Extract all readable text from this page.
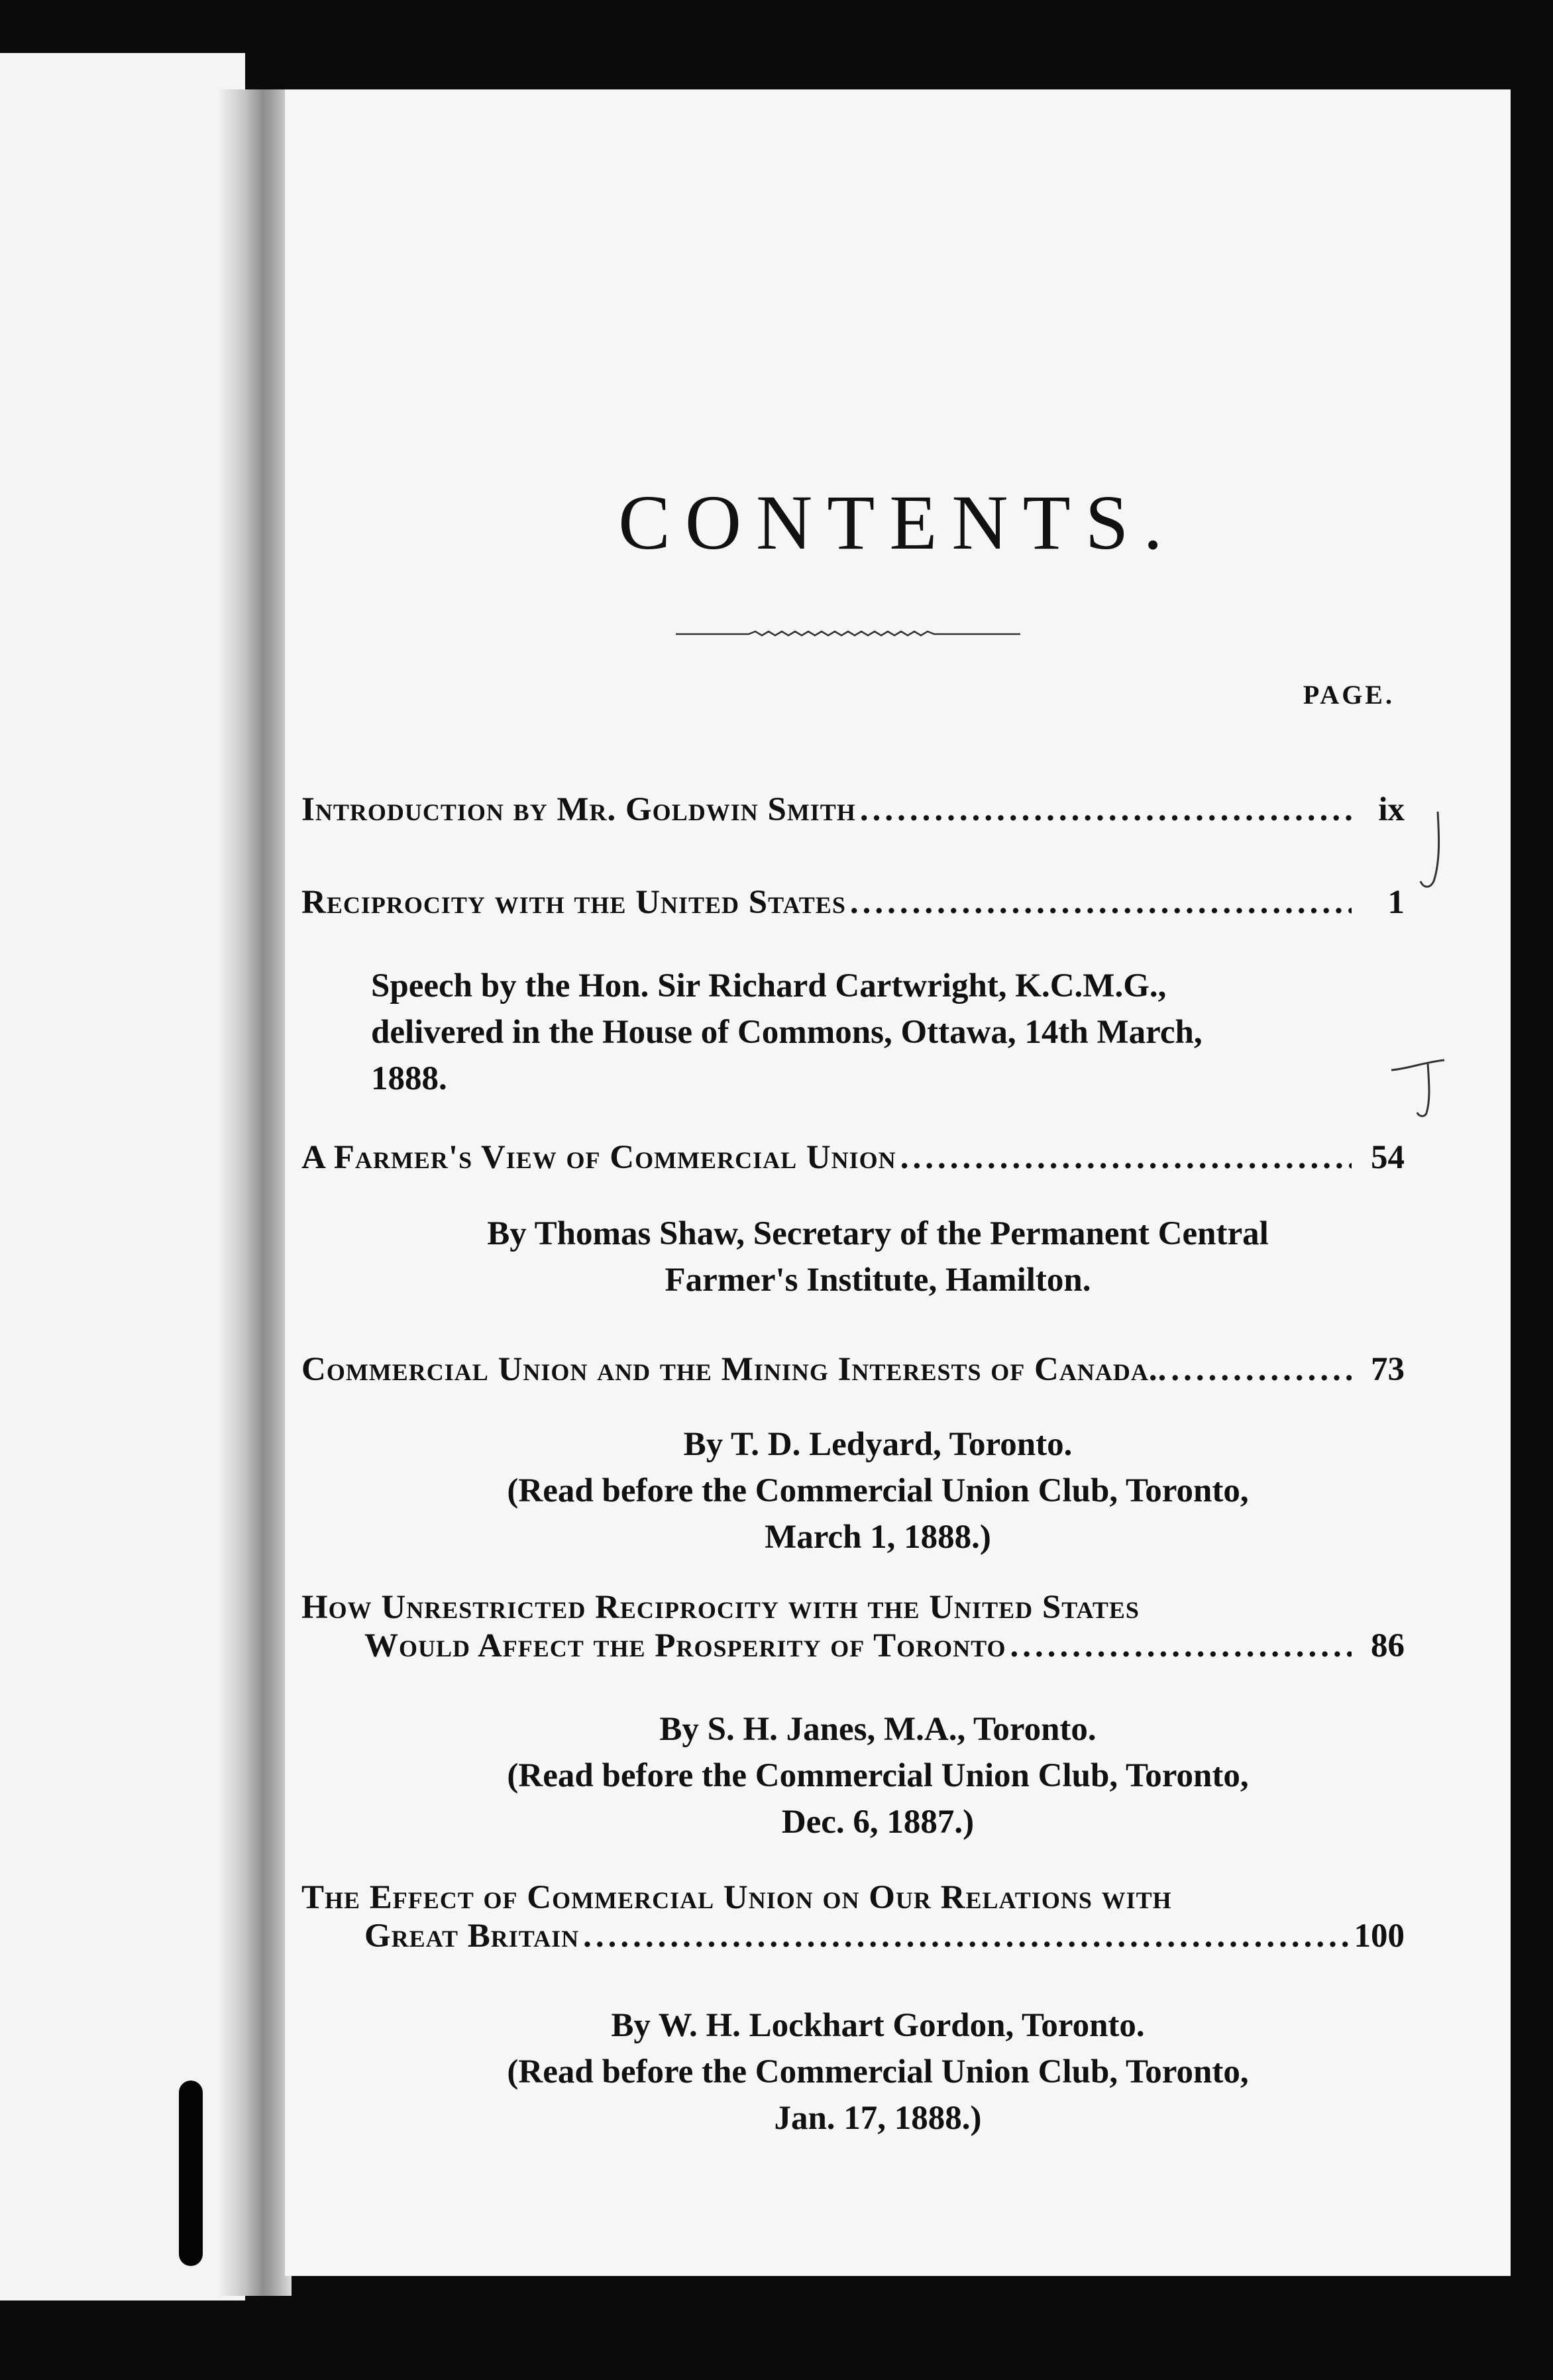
CONTENTS.
PAGE.
Introduction by Mr. Goldwin Smith .....	ix
Reciprocity with the United States .....	1
Speech by the Hon. Sir Richard Cartwright, K.C.M.G.,
delivered in the House of Commons, Ottawa, 14th March,
1888.
A Farmer's View of Commercial Union .....	54
By Thomas Shaw, Secretary of the Permanent Central
Farmer's Institute, Hamilton.
Commercial Union and the Mining Interests of Canada.. .....	73
By T. D. Ledyard, Toronto.
(Read before the Commercial Union Club, Toronto,
March 1, 1888.)
How Unrestricted Reciprocity with the United States
Would Affect the Prosperity of Toronto .....	86
By S. H. Janes, M.A., Toronto.
(Read before the Commercial Union Club, Toronto,
Dec. 6, 1887.)
The Effect of Commercial Union on Our Relations with
Great Britain .....	100
By W. H. Lockhart Gordon, Toronto.
(Read before the Commercial Union Club, Toronto,
Jan. 17, 1888.)
